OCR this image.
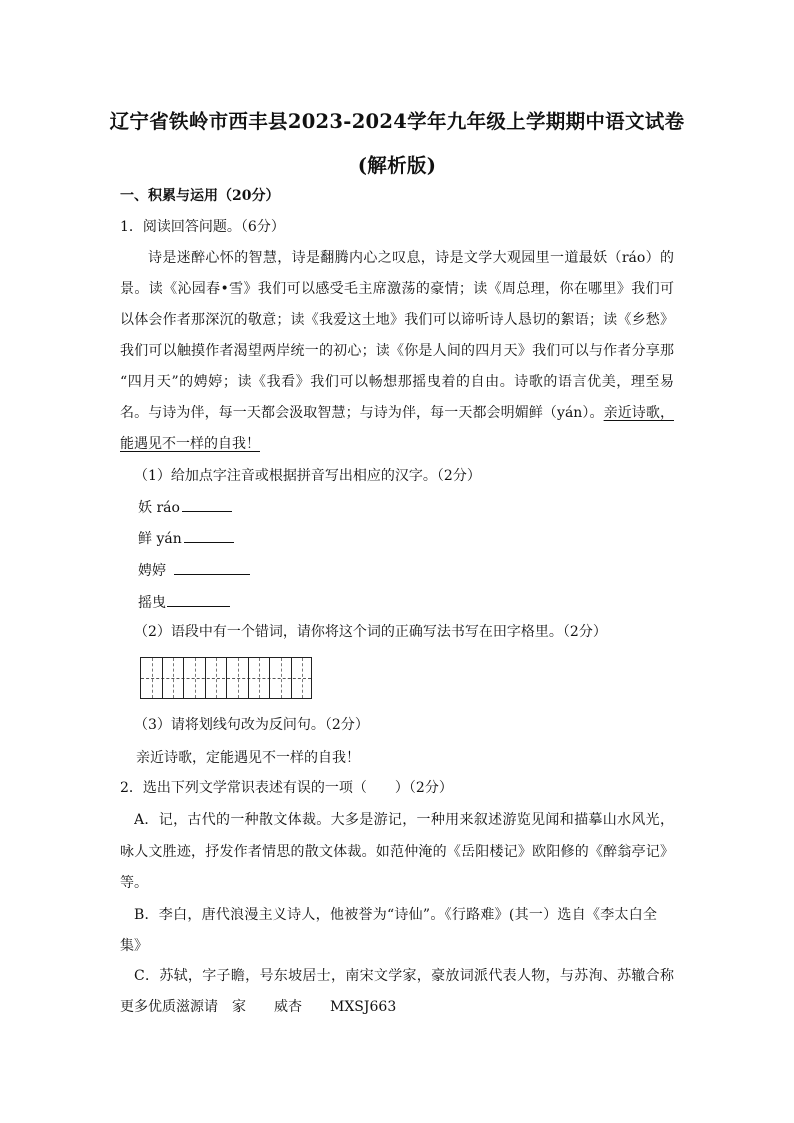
辽宁省铁岭市西丰县2023-2024学年九年级上学期期中语文试卷
(解析版)
一、积累与运用（20分）
1．阅读回答问题。（6分）
诗是迷醉心怀的智慧，诗是翻腾内心之叹息，诗是文学大观园里一道最妖（ráo）的
景。读《沁园春•雪》我们可以感受毛主席激荡的豪情；读《周总理，你在哪里》我们可
以体会作者那深沉的敬意；读《我爱这土地》我们可以谛听诗人恳切的絮语；读《乡愁》
我们可以触摸作者渴望两岸统一的初心；读《你是人间的四月天》我们可以与作者分享那
“四月天”的娉婷；读《我看》我们可以畅想那摇曳着的自由。诗歌的语言优美，理至易
名。与诗为伴，每一天都会汲取智慧；与诗为伴，每一天都会明媚鲜（yán）。亲近诗歌，
能遇见不一样的自我！
（1）给加点字注音或根据拼音写出相应的汉字。（2分）
妖 ráo
鲜 yán
娉婷
摇曳
（2）语段中有一个错词，请你将这个词的正确写法书写在田字格里。（2分）
（3）请将划线句改为反问句。（2分）
亲近诗歌，定能遇见不一样的自我！
2．选出下列文学常识表述有误的一项（　　）（2分）
A．记，古代的一种散文体裁。大多是游记，一种用来叙述游览见闻和描摹山水风光，
咏人文胜迹，抒发作者情思的散文体裁。如范仲淹的《岳阳楼记》欧阳修的《醉翁亭记》
等。
B．李白，唐代浪漫主义诗人，他被誉为“诗仙”。《行路难》(其一）选自《李太白全
集》
C．苏轼，字子瞻，号东坡居士，南宋文学家，豪放词派代表人物，与苏洵、苏辙合称
更多优质滋源请　家　　威杏　　MXSJ663
